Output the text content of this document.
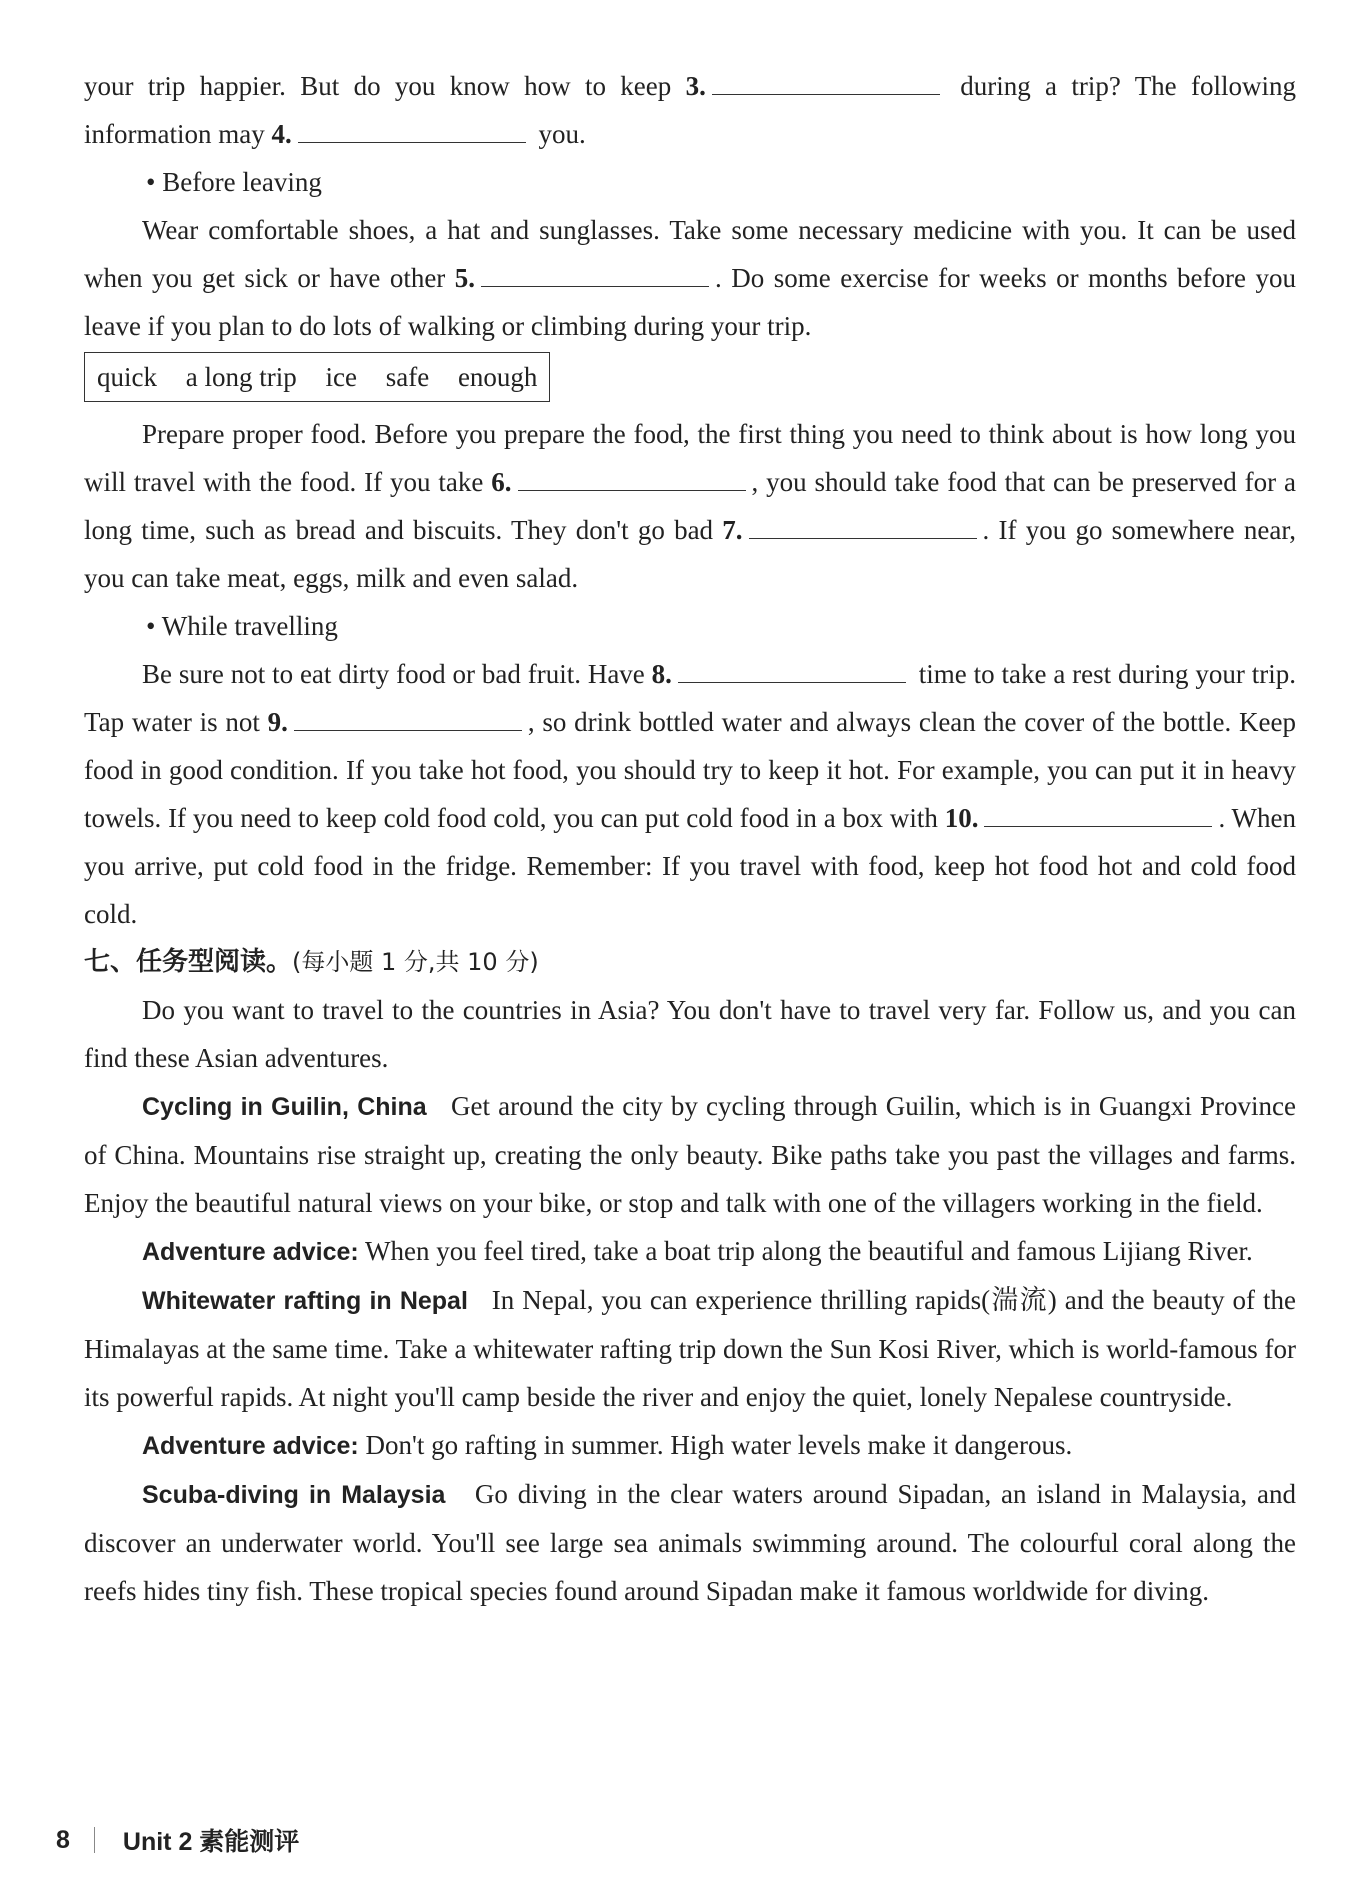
your trip happier. But do you know how to keep 3.	during a trip? The following information may 4.	you.

• Before leaving

Wear comfortable shoes, a hat and sunglasses. Take some necessary medicine with you. It can be used when you get sick or have other 5.	. Do some exercise for weeks or months before you leave if you plan to do lots of walking or climbing during your trip.

quick a long trip ice safe enough

Prepare proper food. Before you prepare the food, the first thing you need to think about is how long you will travel with the food. If you take 6.	, you should take food that can be preserved for a long time, such as bread and biscuits. They don't go bad 7.	. If you go somewhere near, you can take meat, eggs, milk and even salad.

• While travelling

Be sure not to eat dirty food or bad fruit. Have 8.	time to take a rest during your trip. Tap water is not 9.	, so drink bottled water and always clean the cover of the bottle. Keep food in good condition. If you take hot food, you should try to keep it hot. For example, you can put it in heavy towels. If you need to keep cold food cold, you can put cold food in a box with 10.	. When you arrive, put cold food in the fridge. Remember: If you travel with food, keep hot food hot and cold food cold.

七、任务型阅读。(每小题 1 分,共 10 分)

Do you want to travel to the countries in Asia? You don't have to travel very far. Follow us, and you can find these Asian adventures.

Cycling in Guilin, China Get around the city by cycling through Guilin, which is in Guangxi Province of China. Mountains rise straight up, creating the only beauty. Bike paths take you past the villages and farms. Enjoy the beautiful natural views on your bike, or stop and talk with one of the villagers working in the field.

Adventure advice: When you feel tired, take a boat trip along the beautiful and famous Lijiang River.

Whitewater rafting in Nepal In Nepal, you can experience thrilling rapids(湍流) and the beauty of the Himalayas at the same time. Take a whitewater rafting trip down the Sun Kosi River, which is world-famous for its powerful rapids. At night you'll camp beside the river and enjoy the quiet, lonely Nepalese countryside.

Adventure advice: Don't go rafting in summer. High water levels make it dangerous.

Scuba-diving in Malaysia Go diving in the clear waters around Sipadan, an island in Malaysia, and discover an underwater world. You'll see large sea animals swimming around. The colourful coral along the reefs hides tiny fish. These tropical species found around Sipadan make it famous worldwide for diving.

8 Unit 2 素能测评
